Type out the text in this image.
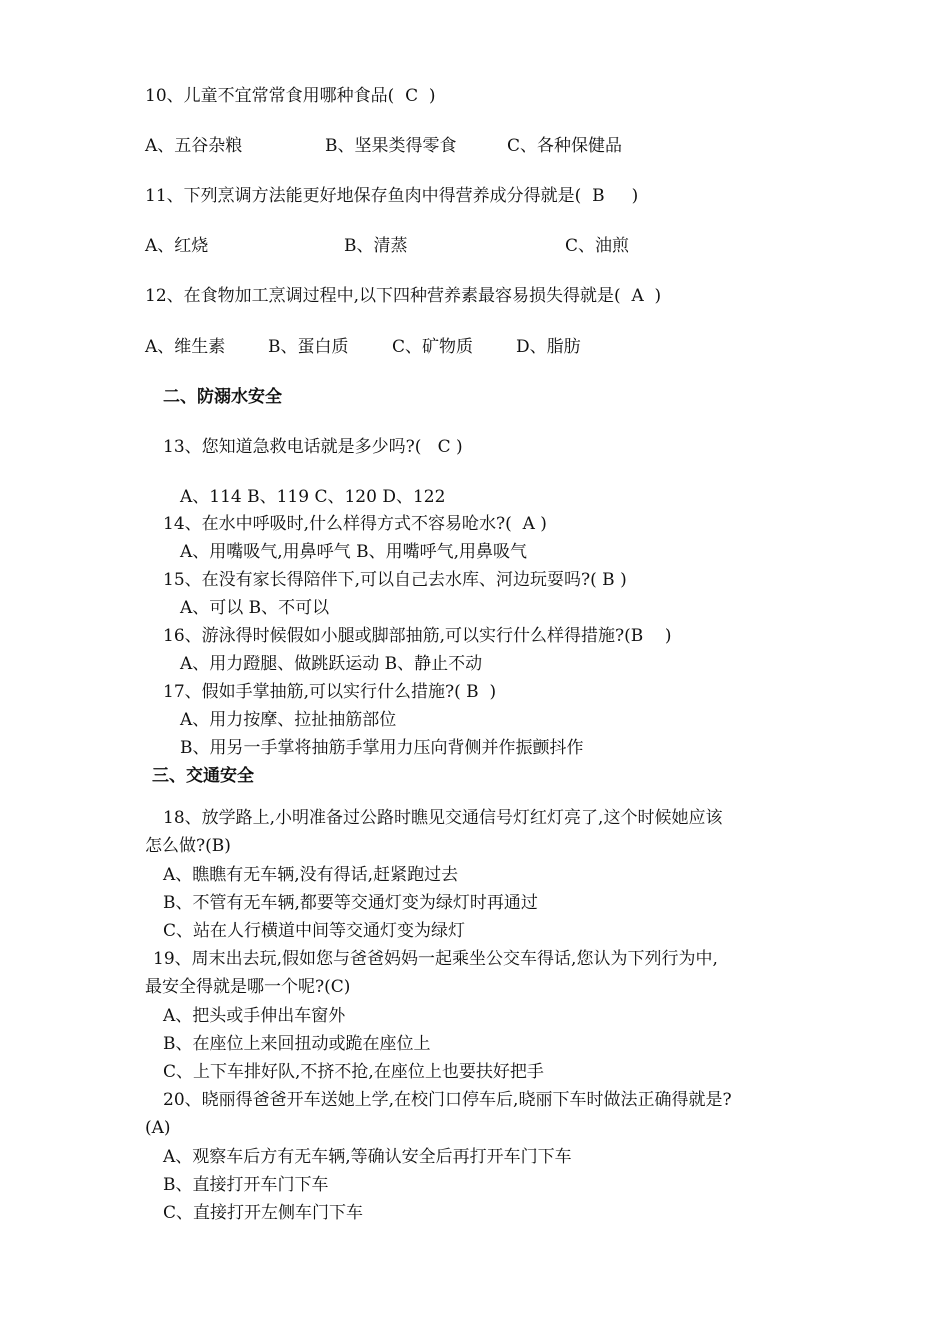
10、儿童不宜常常食用哪种食品(  C  )
A、五谷杂粮	B、坚果类得零食	C、各种保健品
11、下列烹调方法能更好地保存鱼肉中得营养成分得就是(  B     )
A、红烧	B、清蒸	C、油煎
12、在食物加工烹调过程中,以下四种营养素最容易损失得就是(  A  )
A、维生素	B、蛋白质	C、矿物质	D、脂肪
二、防溺水安全
13、您知道急救电话就是多少吗?(   C )
A、114 B、119 C、120 D、122
14、在水中呼吸时,什么样得方式不容易呛水?(  A )
A、用嘴吸气,用鼻呼气 B、用嘴呼气,用鼻吸气
15、在没有家长得陪伴下,可以自己去水库、河边玩耍吗?( B )
A、可以 B、不可以
16、游泳得时候假如小腿或脚部抽筋,可以实行什么样得措施?(B    )
A、用力蹬腿、做跳跃运动 B、静止不动
17、假如手掌抽筋,可以实行什么措施?( B  )
A、用力按摩、拉扯抽筋部位
B、用另一手掌将抽筋手掌用力压向背侧并作振颤抖作
三、交通安全
18、放学路上,小明准备过公路时瞧见交通信号灯红灯亮了,这个时候她应该
怎么做?(B)
A、瞧瞧有无车辆,没有得话,赶紧跑过去
B、不管有无车辆,都要等交通灯变为绿灯时再通过
C、站在人行横道中间等交通灯变为绿灯
19、周末出去玩,假如您与爸爸妈妈一起乘坐公交车得话,您认为下列行为中,
最安全得就是哪一个呢?(C)
A、把头或手伸出车窗外
B、在座位上来回扭动或跪在座位上
C、上下车排好队,不挤不抢,在座位上也要扶好把手
20、晓丽得爸爸开车送她上学,在校门口停车后,晓丽下车时做法正确得就是?
(A)
A、观察车后方有无车辆,等确认安全后再打开车门下车
B、直接打开车门下车
C、直接打开左侧车门下车
